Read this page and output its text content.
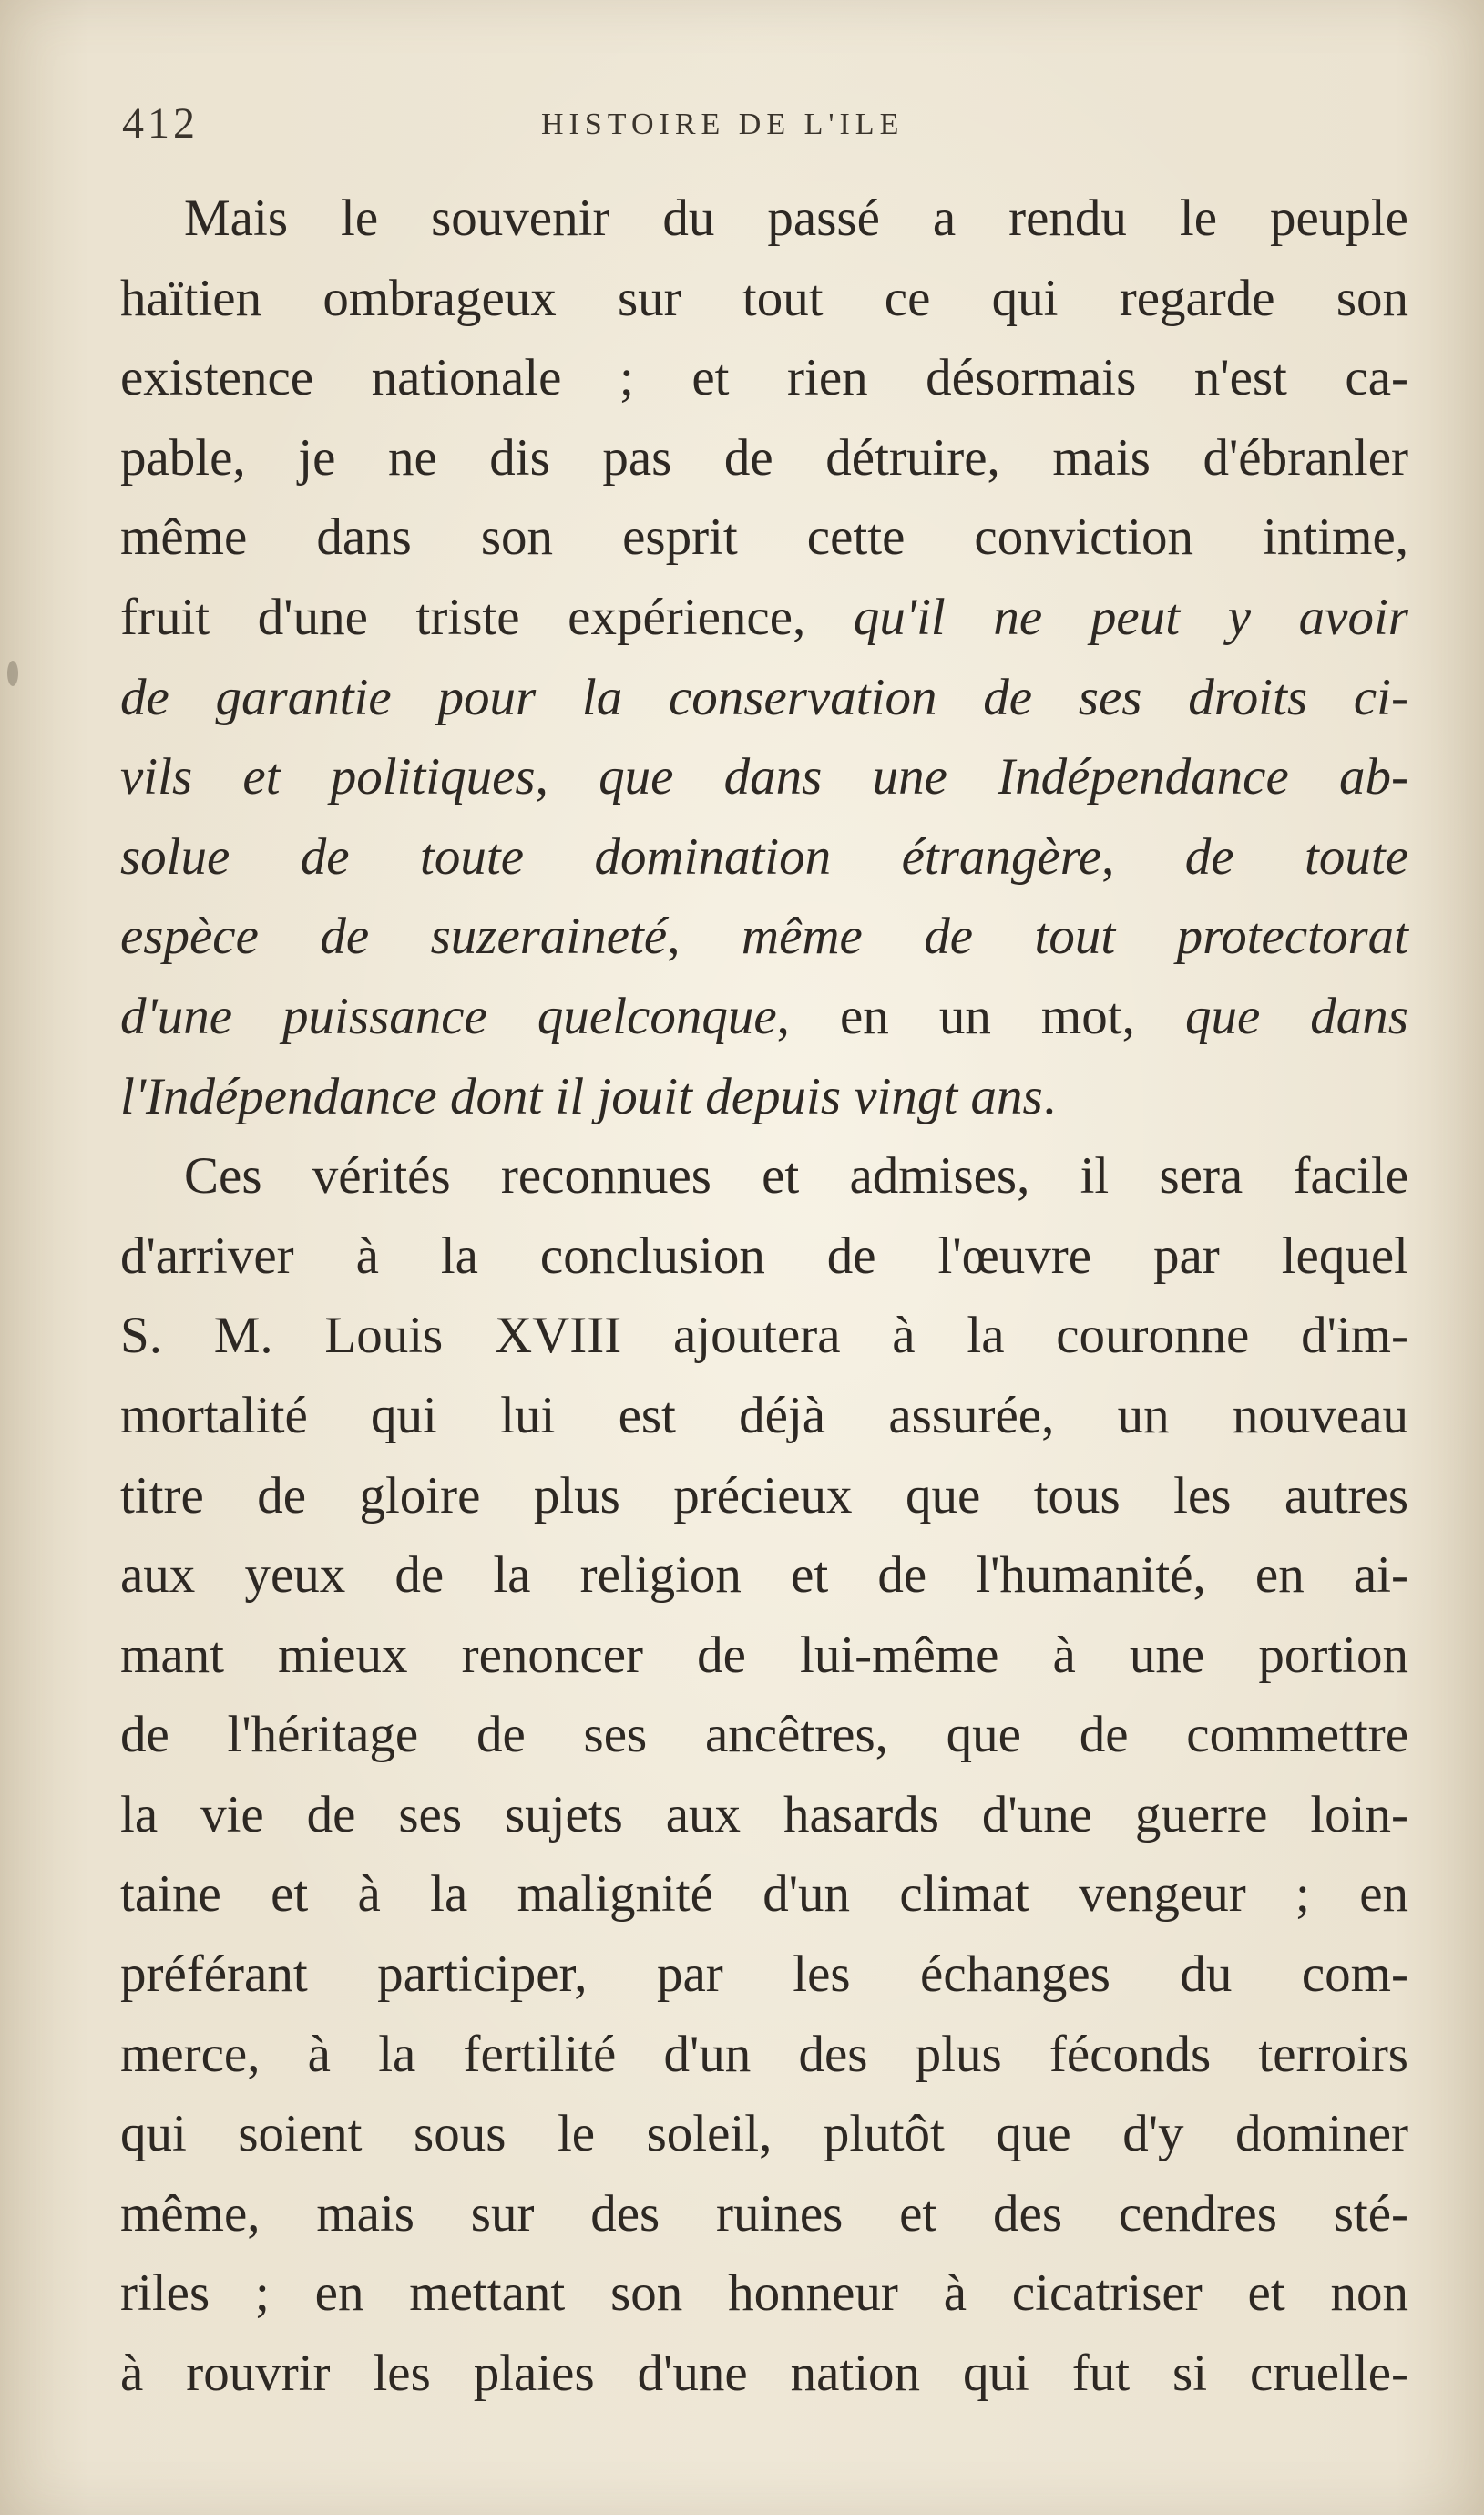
412	HISTOIRE DE L'ILE
Mais le souvenir du passé a rendu le peuple
haïtien ombrageux sur tout ce qui regarde son
existence nationale ; et rien désormais n'est ca-
pable, je ne dis pas de détruire, mais d'ébranler
même dans son esprit cette conviction intime,
fruit d'une triste expérience, qu'il ne peut y avoir
de garantie pour la conservation de ses droits ci-
vils et politiques, que dans une Indépendance ab-
solue de toute domination étrangère, de toute
espèce de suzeraineté, même de tout protectorat
d'une puissance quelconque, en un mot, que dans
l'Indépendance dont il jouit depuis vingt ans.
Ces vérités reconnues et admises, il sera facile
d'arriver à la conclusion de l'œuvre par lequel
S. M. Louis XVIII ajoutera à la couronne d'im-
mortalité qui lui est déjà assurée, un nouveau
titre de gloire plus précieux que tous les autres
aux yeux de la religion et de l'humanité, en ai-
mant mieux renoncer de lui-même à une portion
de l'héritage de ses ancêtres, que de commettre
la vie de ses sujets aux hasards d'une guerre loin-
taine et à la malignité d'un climat vengeur ; en
préférant participer, par les échanges du com-
merce, à la fertilité d'un des plus féconds terroirs
qui soient sous le soleil, plutôt que d'y dominer
même, mais sur des ruines et des cendres sté-
riles ; en mettant son honneur à cicatriser et non
à rouvrir les plaies d'une nation qui fut si cruelle-
